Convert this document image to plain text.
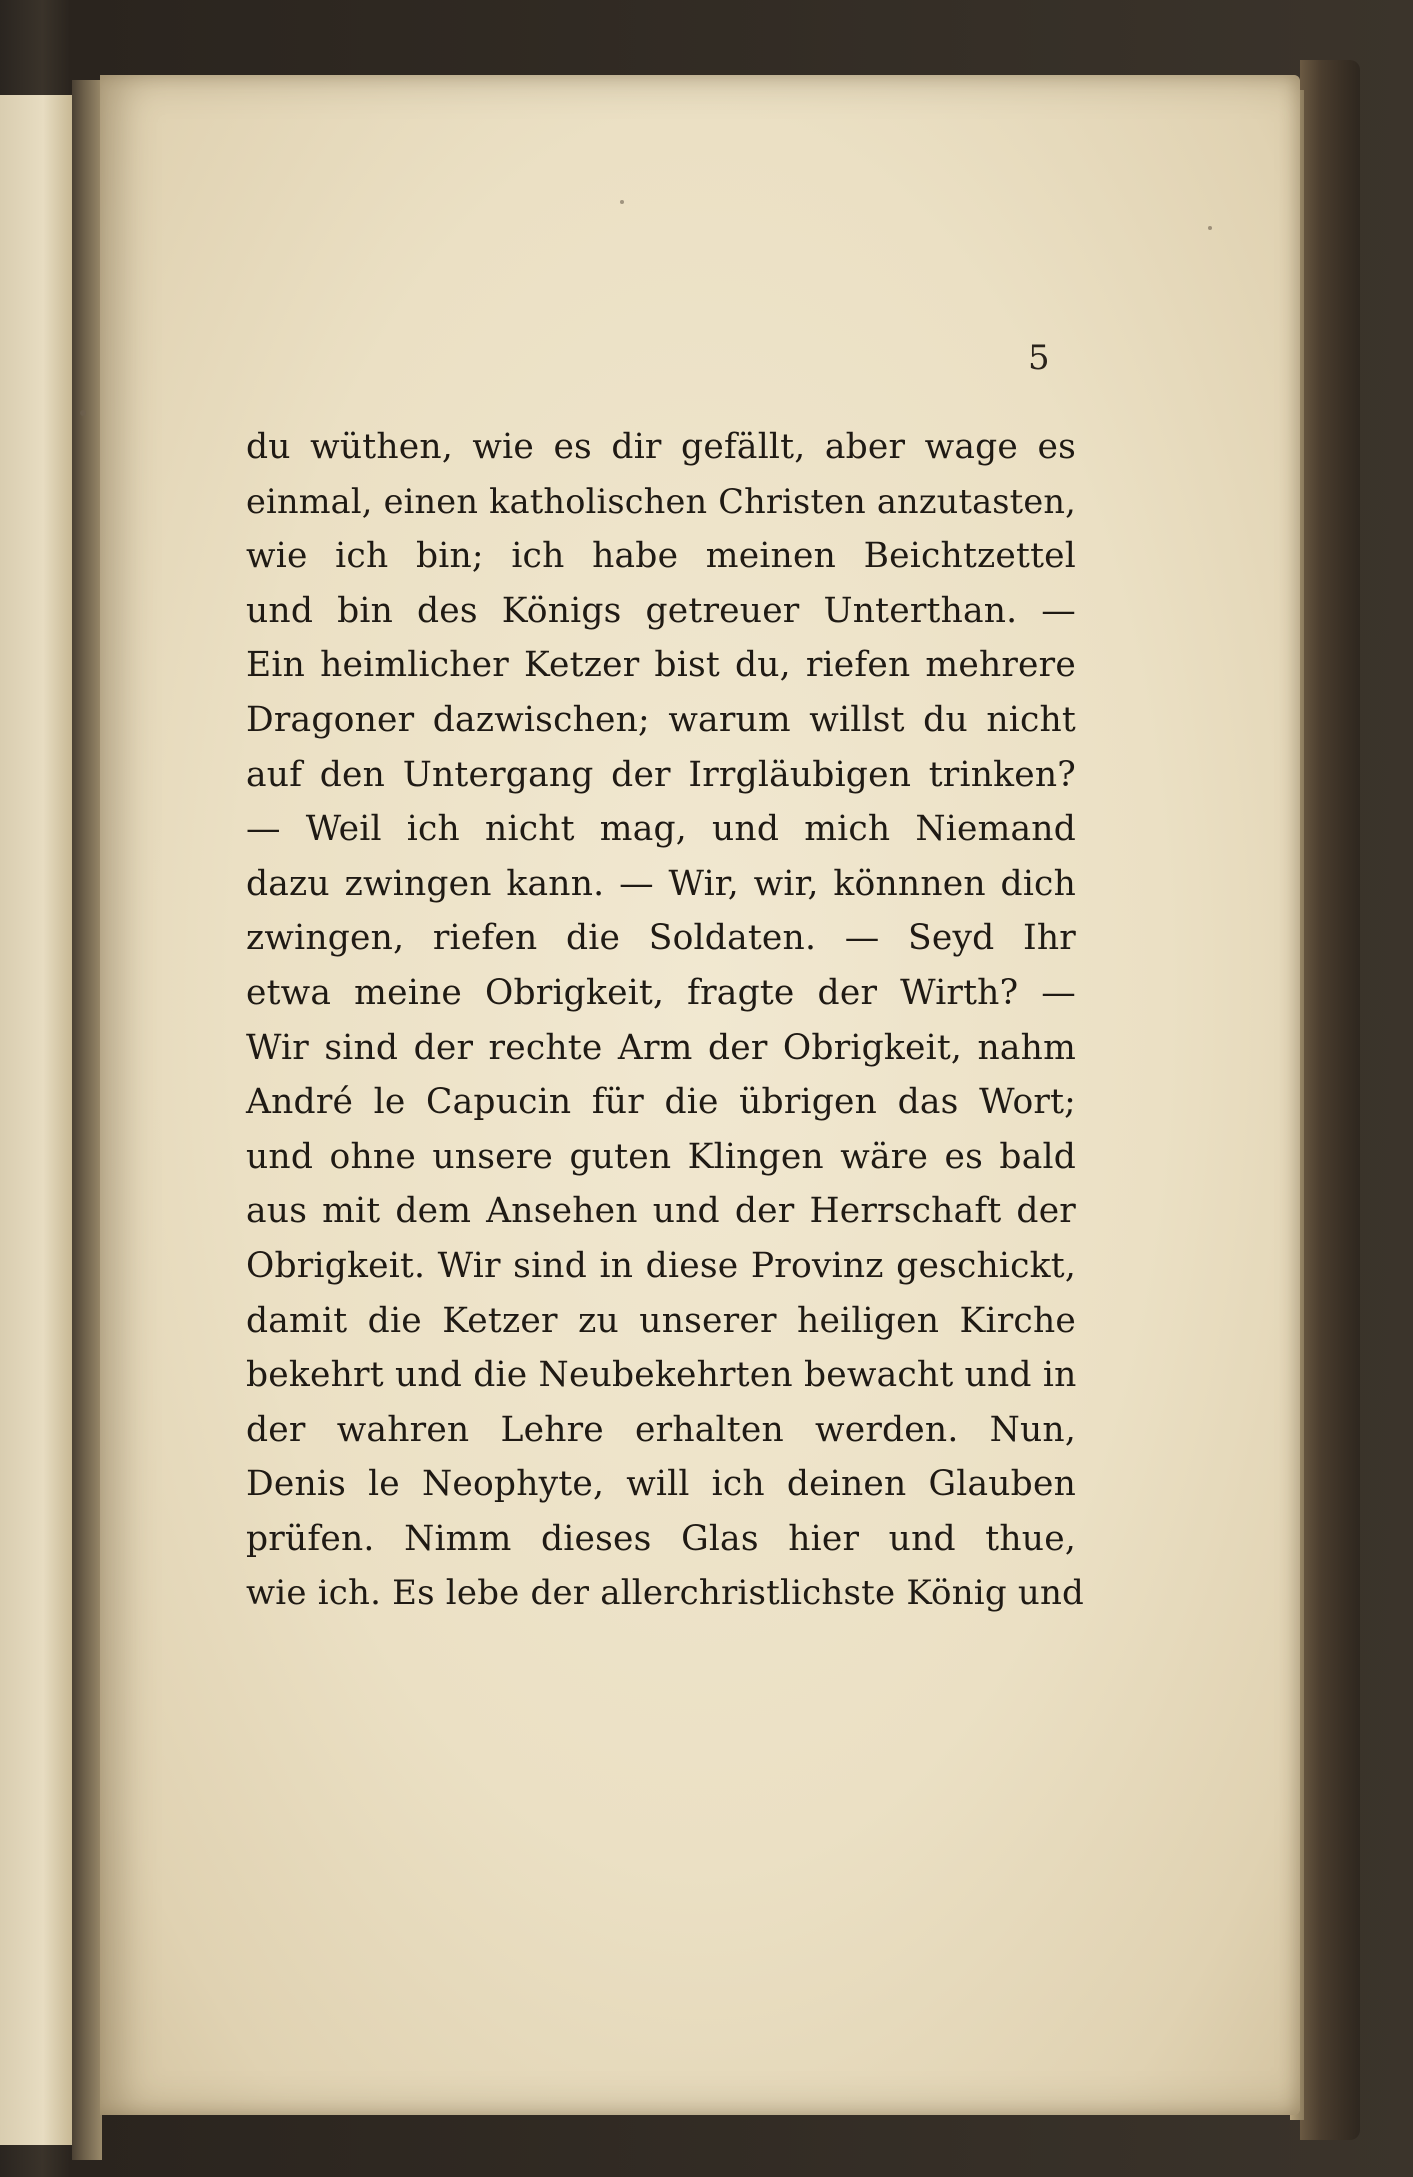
5
du wüthen, wie es dir gefällt, aber wage es
einmal, einen katholischen Christen anzutasten,
wie ich bin; ich habe meinen Beichtzettel
und bin des Königs getreuer Unterthan. —
Ein heimlicher Ketzer bist du, riefen mehrere
Dragoner dazwischen; warum willst du nicht
auf den Untergang der Irrgläubigen trinken?
— Weil ich nicht mag, und mich Niemand
dazu zwingen kann. — Wir, wir, könnnen dich
zwingen, riefen die Soldaten. — Seyd Ihr
etwa meine Obrigkeit, fragte der Wirth? —
Wir sind der rechte Arm der Obrigkeit, nahm
André le Capucin für die übrigen das Wort;
und ohne unsere guten Klingen wäre es bald
aus mit dem Ansehen und der Herrschaft der
Obrigkeit. Wir sind in diese Provinz geschickt,
damit die Ketzer zu unserer heiligen Kirche
bekehrt und die Neubekehrten bewacht und in
der wahren Lehre erhalten werden. Nun,
Denis le Neophyte, will ich deinen Glauben
prüfen. Nimm dieses Glas hier und thue,
wie ich. Es lebe der allerchristlichste König und
